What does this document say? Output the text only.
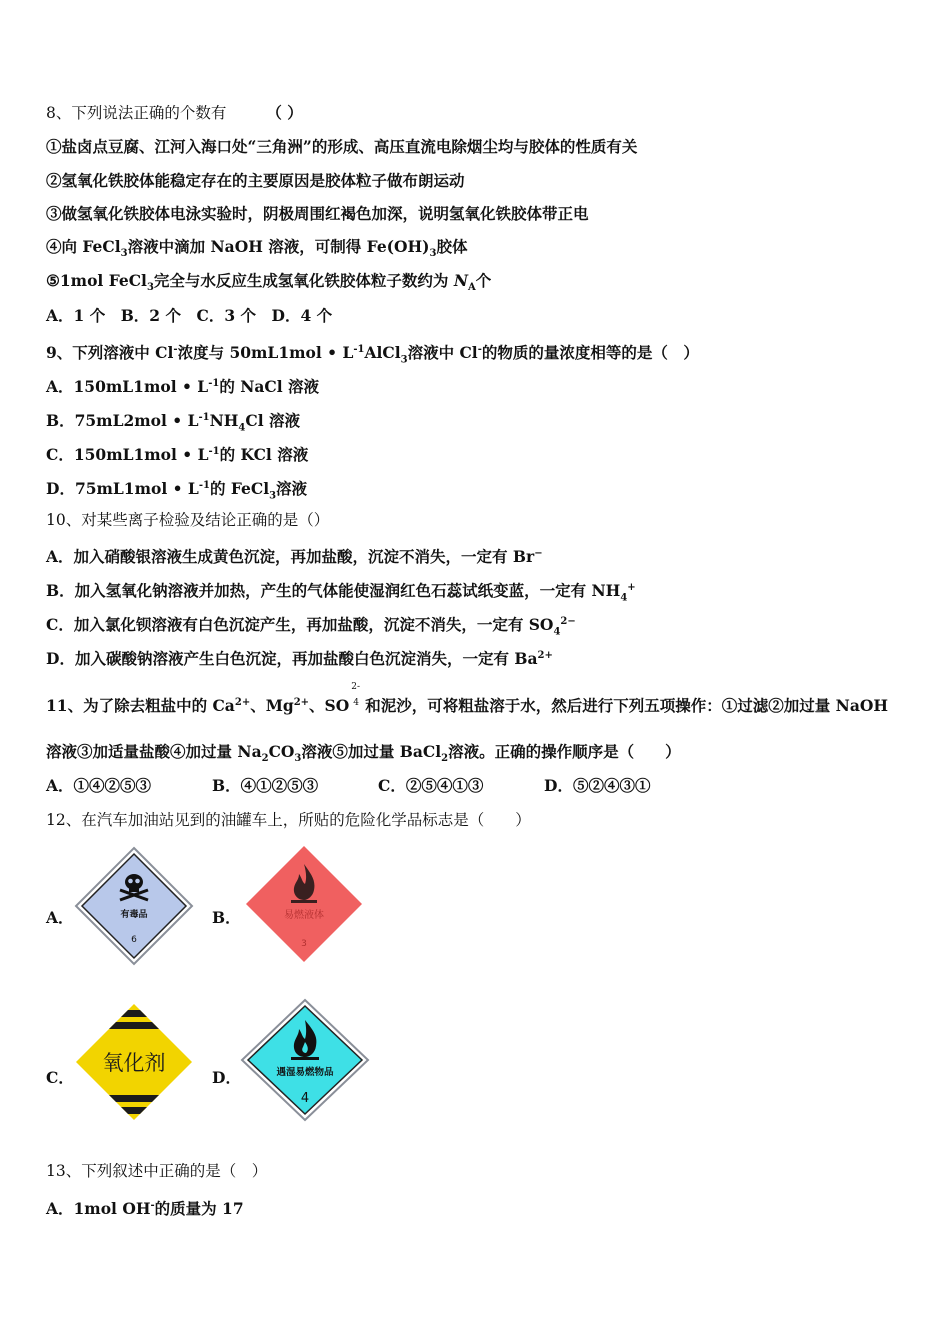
8、下列说法正确的个数有	（ ）
①盐卤点豆腐、江河入海口处“三角洲”的形成、高压直流电除烟尘均与胶体的性质有关
②氢氧化铁胶体能稳定存在的主要原因是胶体粒子做布朗运动
③做氢氧化铁胶体电泳实验时，阴极周围红褐色加深，说明氢氧化铁胶体带正电
④向 FeCl$_3$溶液中滴加 NaOH 溶液，可制得 $Fe(OH)_3$胶体
⑤1mol FeCl$_3$完全与水反应生成氢氧化铁胶体粒子数约为 $N_A$个
A．1 个　B．2 个　C．3 个　D．4 个
9、下列溶液中 Cl-浓度与 50mL1mol • $L^{-1}AlCl_3$溶液中 Cl-的物质的量浓度相等的是（　）
A．150mL1mol • $L^{-1}$的 NaCl 溶液
B．75mL2mol • $L^{-1}NH_4Cl$ 溶液
C．150mL1mol • $L^{-1}$的 KCl 溶液
D．75mL1mol • $L^{-1}$的 FeCl$_3$溶液
10、对某些离子检验及结论正确的是（）
A．加入硝酸银溶液生成黄色沉淀，再加盐酸，沉淀不消失，一定有 Br−
B．加入氢氧化钠溶液并加热，产生的气体能使湿润红色石蕊试纸变蓝，一定有 $NH_4^+$
C．加入氯化钡溶液有白色沉淀产生，再加盐酸，沉淀不消失，一定有 $SO_4^{2-}$
D．加入碳酸钠溶液产生白色沉淀，再加盐酸白色沉淀消失，一定有 $Ba^{2+}$
11、为了除去粗盐中的 $Ca^{2+}$、$Mg^{2+}$、SO
2-
4 和泥沙，可将粗盐溶于水，然后进行下列五项操作：①过滤②加过量 NaOH
溶液③加适量盐酸④加过量 $Na_2CO_3$溶液⑤加过量 BaCl$_2$溶液。正确的操作顺序是（　　）
A．①④②⑤③	B．④①②⑤③	C．②⑤④①③	D．⑤②④③①
12、在汽车加油站见到的油罐车上，所贴的危险化学品标志是（　　）
A．	有毒品
6
B．	易燃液体
3
C．
氧化剂
D．	遇湿易燃物品
4
13、下列叙述中正确的是（　）
A．1mol OH-的质量为 17
